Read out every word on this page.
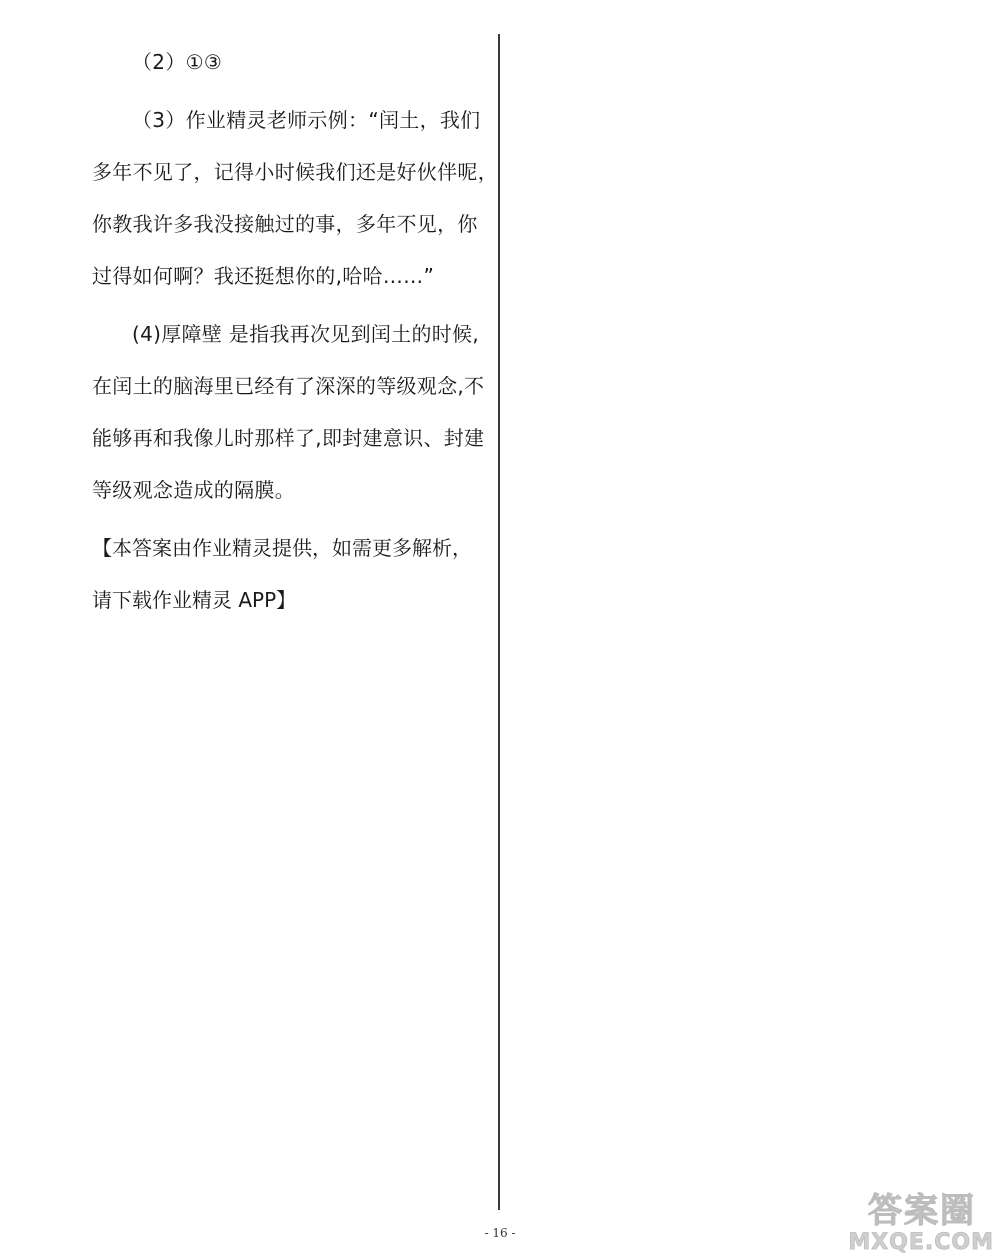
（2）①③
（3）作业精灵老师示例：“闰土，我们
多年不见了，记得小时候我们还是好伙伴呢，
你教我许多我没接触过的事，多年不见，你
过得如何啊？我还挺想你的,哈哈……”
(4)厚障壁 是指我再次见到闰土的时候,
在闰土的脑海里已经有了深深的等级观念,不
能够再和我像儿时那样了,即封建意识、封建
等级观念造成的隔膜。
【本答案由作业精灵提供，如需更多解析，
请下载作业精灵 APP】
- 16 -
答案圈
MXQE.COM
